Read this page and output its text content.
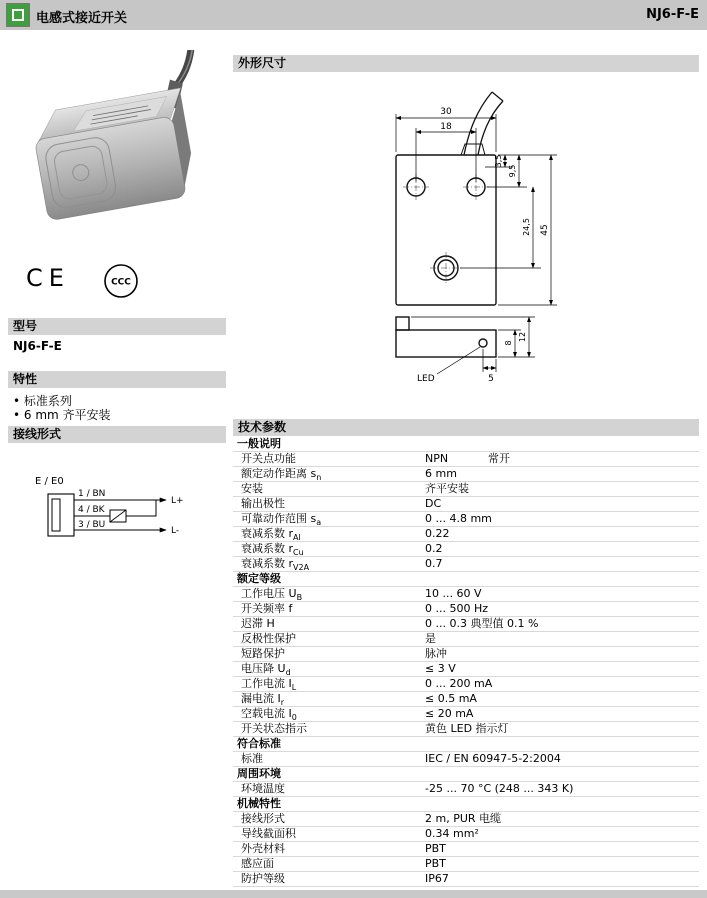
电感式接近开关	NJ6-F-E
CE	CCC
型号
NJ6-F-E
特性
• 标准系列
• 6 mm 齐平安装
接线形式
E / E0
1 / BN
4 / BK
3 / BU
L+
L-
外形尺寸
30
18
3,5
9,5
24,5 45
8
12
5
LED
技术参数
一般说明
开关点功能	NPN	常开
额定动作距离 $s_n$	6 mm
安装	齐平安装
输出极性	DC
可靠动作范围 $s_a$	0 ... 4.8 mm
衰减系数 $r_{Al}$	0.22
衰减系数 $r_{Cu}$	0.2
衰减系数 $r_{V2A}$	0.7
额定等级
工作电压 $U_B$	10 ... 60 V
开关频率 f	0 ... 500 Hz
迟滞 H	0 ... 0.3 典型值 0.1 %
反极性保护	是
短路保护	脉冲
电压降 $U_d$	≤ 3 V
工作电流 $I_L$	0 ... 200 mA
漏电流 $I_r$	≤ 0.5 mA
空载电流 $I_0$	≤ 20 mA
开关状态指示	黄色 LED 指示灯
符合标准
标准	IEC / EN 60947-5-2:2004
周围环境
环境温度	-25 ... 70 °C (248 ... 343 K)
机械特性
接线形式	2 m, PUR 电缆
导线截面积	0.34 mm²
外壳材料	PBT
感应面	PBT
防护等级	IP67
